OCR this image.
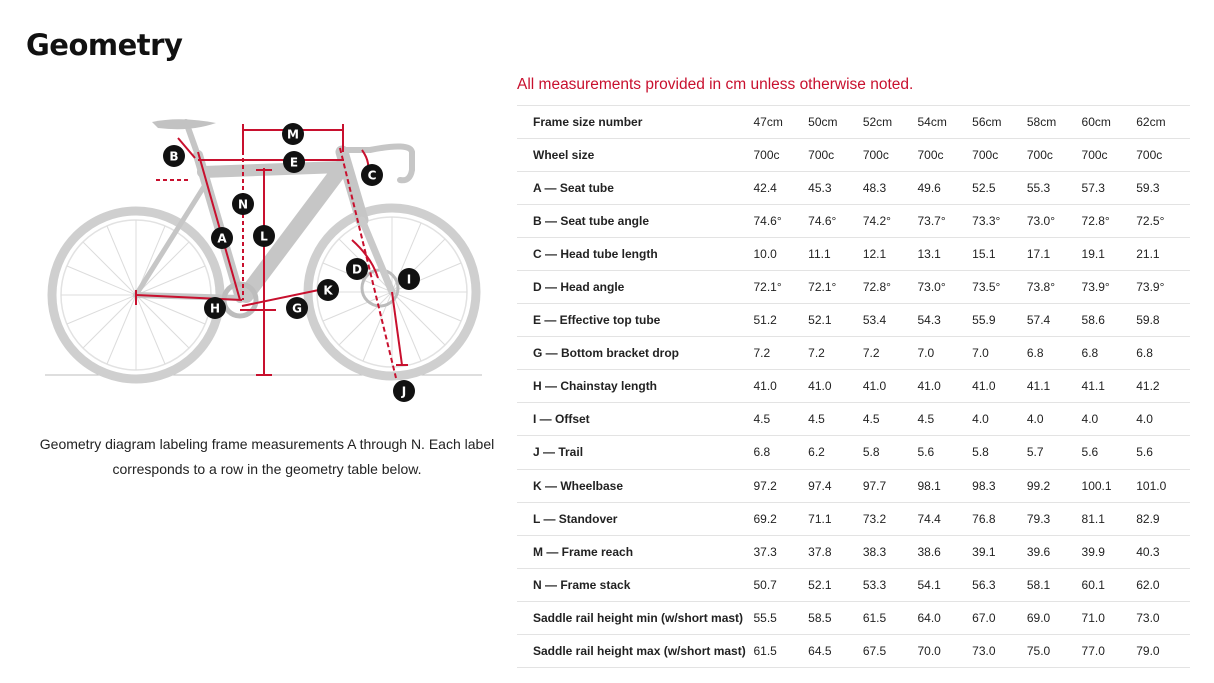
Geometry
M
B	E
C
N
A	L
D
I
K
H	G
J

Geometry diagram labeling frame measurements A through N. Each label corresponds to a row in the geometry table below.

All measurements provided in cm unless otherwise noted.

Frame size number	47cm	50cm	52cm	54cm	56cm	58cm	60cm	62cm
Wheel size	700c	700c	700c	700c	700c	700c	700c	700c
A — Seat tube	42.4	45.3	48.3	49.6	52.5	55.3	57.3	59.3
B — Seat tube angle	74.6°	74.6°	74.2°	73.7°	73.3°	73.0°	72.8°	72.5°
C — Head tube length	10.0	11.1	12.1	13.1	15.1	17.1	19.1	21.1
D — Head angle	72.1°	72.1°	72.8°	73.0°	73.5°	73.8°	73.9°	73.9°
E — Effective top tube	51.2	52.1	53.4	54.3	55.9	57.4	58.6	59.8
G — Bottom bracket drop	7.2	7.2	7.2	7.0	7.0	6.8	6.8	6.8
H — Chainstay length	41.0	41.0	41.0	41.0	41.0	41.1	41.1	41.2
I — Offset	4.5	4.5	4.5	4.5	4.0	4.0	4.0	4.0
J — Trail	6.8	6.2	5.8	5.6	5.8	5.7	5.6	5.6
K — Wheelbase	97.2	97.4	97.7	98.1	98.3	99.2	100.1	101.0
L — Standover	69.2	71.1	73.2	74.4	76.8	79.3	81.1	82.9
M — Frame reach	37.3	37.8	38.3	38.6	39.1	39.6	39.9	40.3
N — Frame stack	50.7	52.1	53.3	54.1	56.3	58.1	60.1	62.0
Saddle rail height min (w/short mast)	55.5	58.5	61.5	64.0	67.0	69.0	71.0	73.0
Saddle rail height max (w/short mast)	61.5	64.5	67.5	70.0	73.0	75.0	77.0	79.0
